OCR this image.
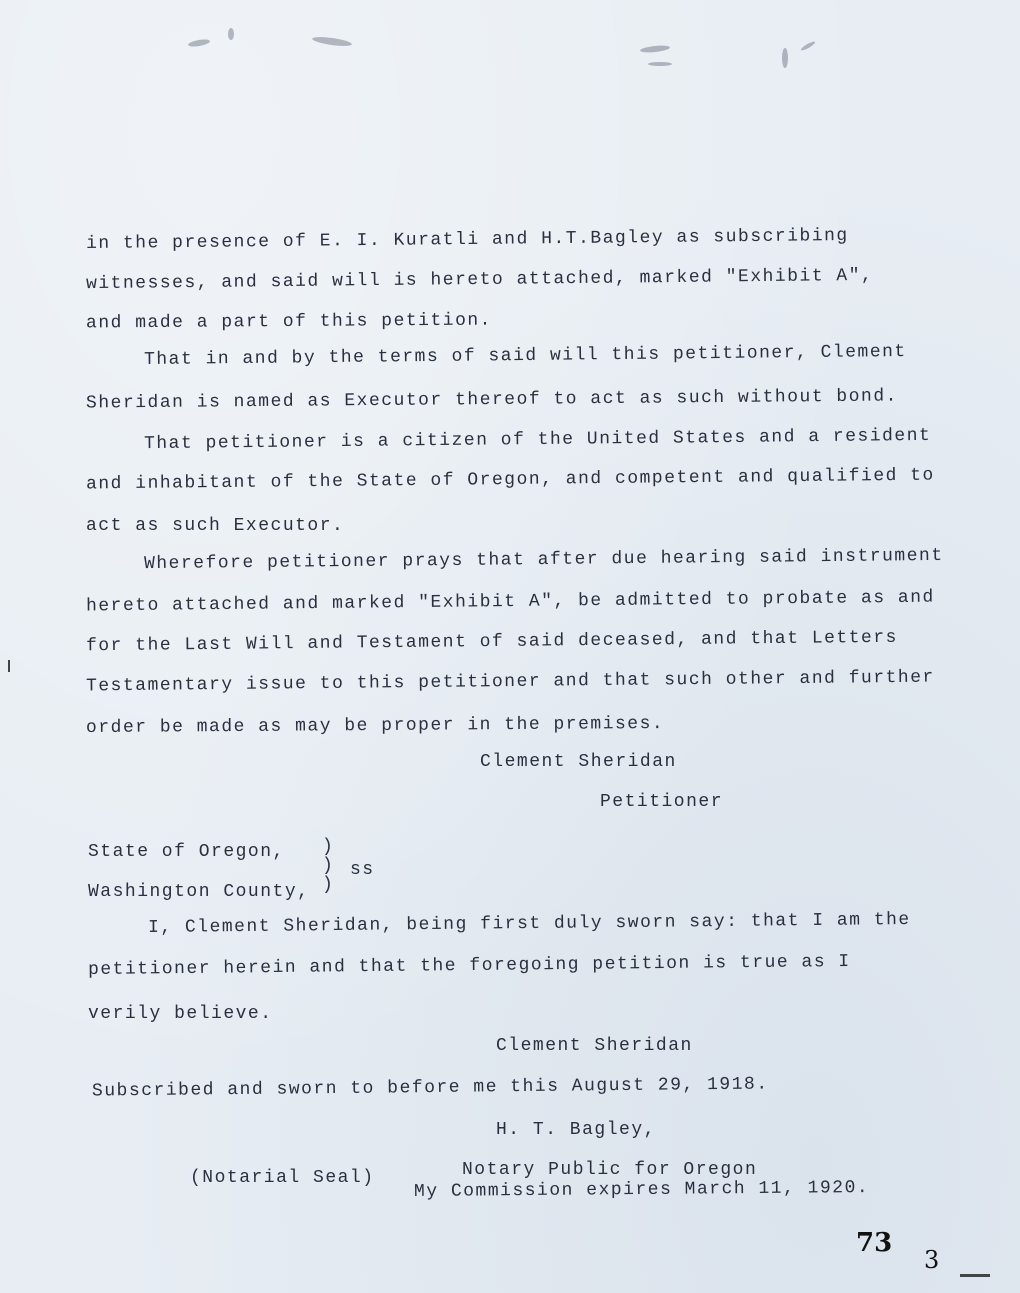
in the presence of E. I. Kuratli and H.T.Bagley as subscribing
witnesses, and said will is hereto attached, marked "Exhibit A",
and made a part of this petition.
That in and by the terms of said will this petitioner, Clement
Sheridan is named as Executor thereof to act as such without bond.
That petitioner is a citizen of the United States and a resident
and inhabitant of the State of Oregon, and competent and qualified to
act as such Executor.
Wherefore petitioner prays that after due hearing said instrument
hereto attached and marked "Exhibit A", be admitted to probate as and
for the Last Will and Testament of said deceased, and that Letters
Testamentary issue to this petitioner and that such other and further
order be made as may be proper in the premises.
Clement Sheridan
Petitioner
State of Oregon,
Washington County,
)
)
)
ss
I, Clement Sheridan, being first duly sworn say: that I am the
petitioner herein and that the foregoing petition is true as I
verily believe.
Clement Sheridan
Subscribed and sworn to before me this August 29, 1918.
H. T. Bagley,
(Notarial Seal)	Notary Public for Oregon
My Commission expires March 11, 1920.
73
3
